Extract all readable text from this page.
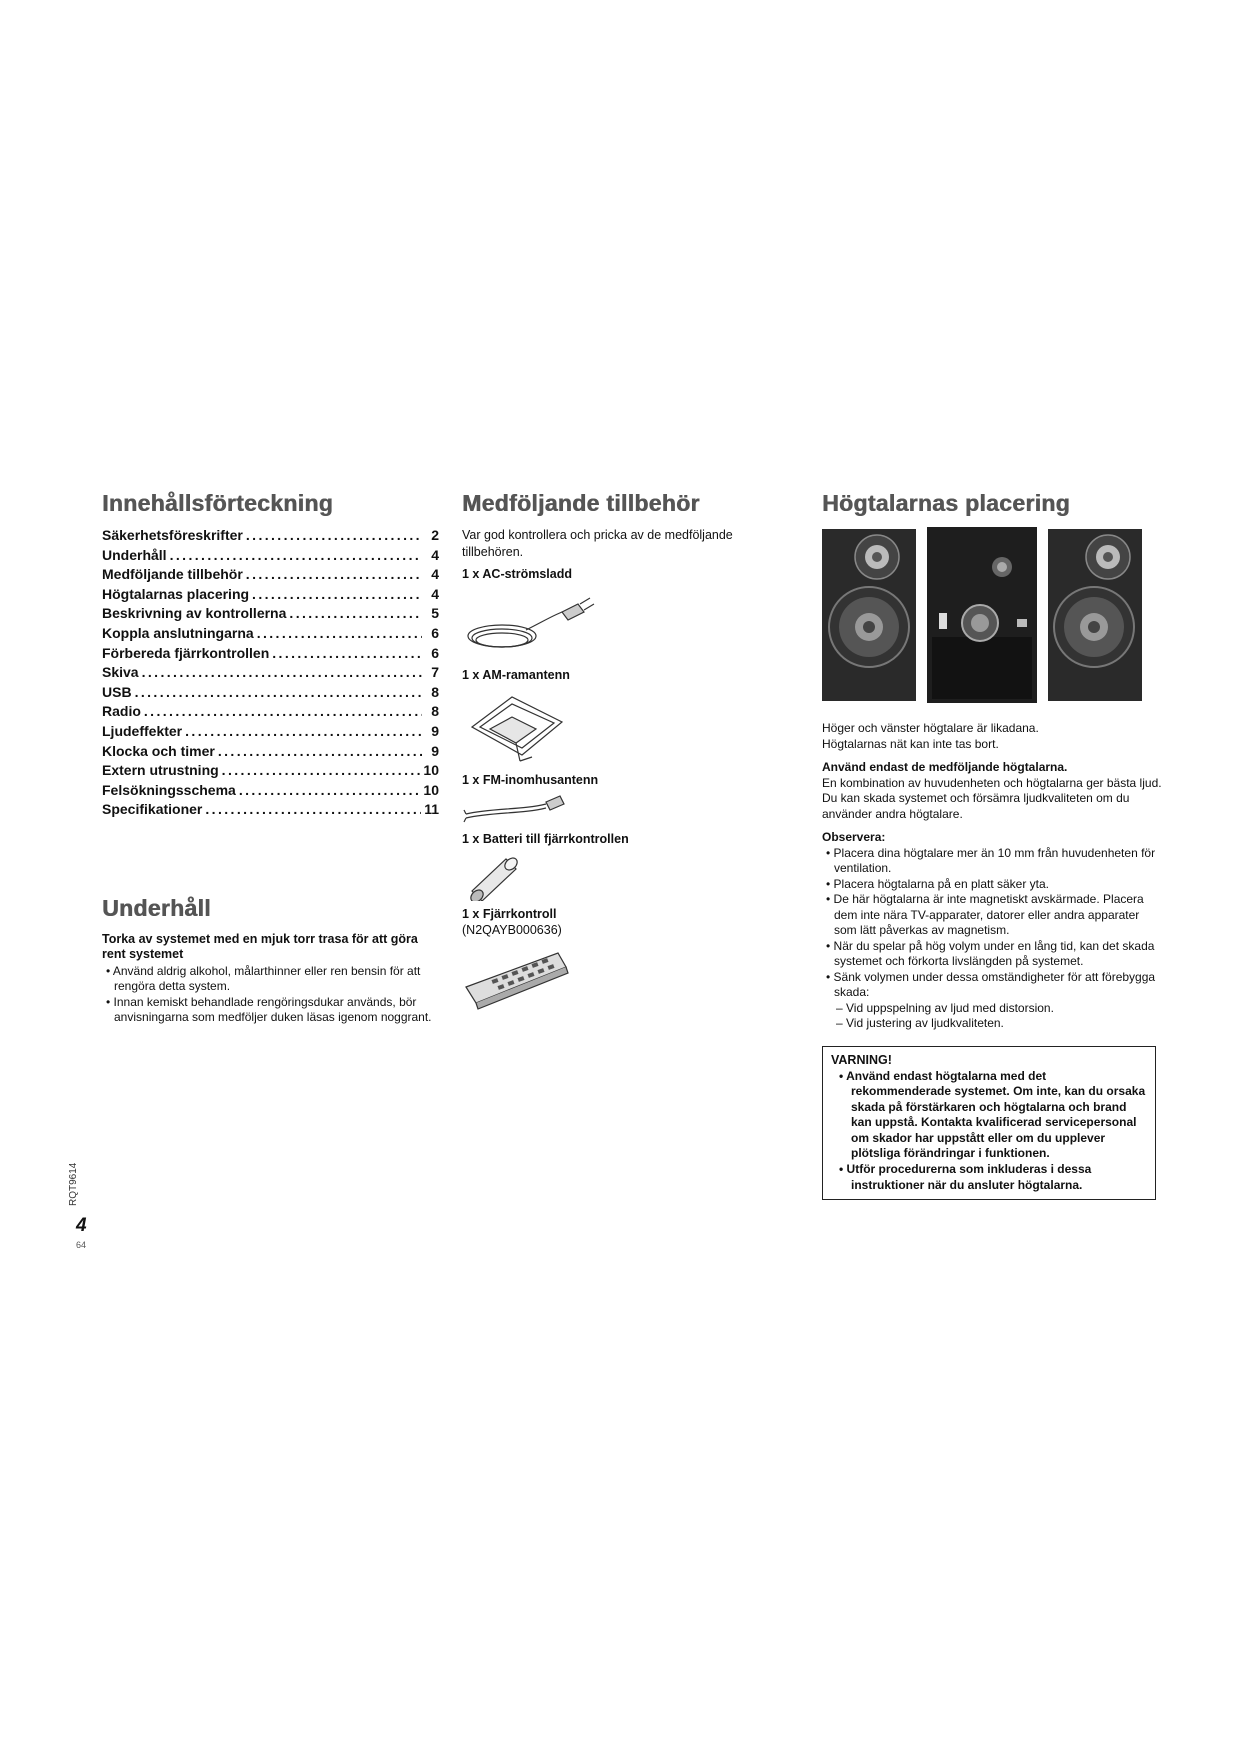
Innehållsförteckning
Säkerhetsföreskrifter .....	2
Underhåll .....	4
Medföljande tillbehör .....	4
Högtalarnas placering .....	4
Beskrivning av kontrollerna .....	5
Koppla anslutningarna .....	6
Förbereda fjärrkontrollen .....	6
Skiva .....	7
USB .....	8
Radio .....	8
Ljudeffekter .....	9
Klocka och timer .....	9
Extern utrustning .....	10
Felsökningsschema .....	10
Specifikationer .....	11
Underhåll

Torka av systemet med en mjuk torr trasa för att göra rent systemet

• Använd aldrig alkohol, målarthinner eller ren bensin för att rengöra detta system.
• Innan kemiskt behandlade rengöringsdukar används, bör anvisningarna som medföljer duken läsas igenom noggrant.
Medföljande tillbehör

Var god kontrollera och pricka av de medföljande tillbehören.

1 x AC-strömsladd

1 x AM-ramantenn

1 x FM-inomhusantenn

1 x Batteri till fjärrkontrollen

1 x Fjärrkontroll

(N2QAYB000636)

Högtalarnas placering

Höger och vänster högtalare är likadana.

Högtalarnas nät kan inte tas bort.

Använd endast de medföljande högtalarna.

En kombination av huvudenheten och högtalarna ger bästa ljud. Du kan skada systemet och försämra ljudkvaliteten om du använder andra högtalare.

Observera:

• Placera dina högtalare mer än 10 mm från huvudenheten för ventilation.
• Placera högtalarna på en platt säker yta.
• De här högtalarna är inte magnetiskt avskärmade. Placera dem inte nära TV-apparater, datorer eller andra apparater som lätt påverkas av magnetism.
• När du spelar på hög volym under en lång tid, kan det skada systemet och förkorta livslängden på systemet.
• Sänk volymen under dessa omständigheter för att förebygga skada:
– Vid uppspelning av ljud med distorsion.
– Vid justering av ljudkvaliteten.

VARNING!

• Använd endast högtalarna med det rekommenderade systemet. Om inte, kan du orsaka skada på förstärkaren och högtalarna och brand kan uppstå. Kontakta kvalificerad servicepersonal om skador har uppstått eller om du upplever plötsliga förändringar i funktionen.
• Utför procedurerna som inkluderas i dessa instruktioner när du ansluter högtalarna.
RQT9614
4
64
